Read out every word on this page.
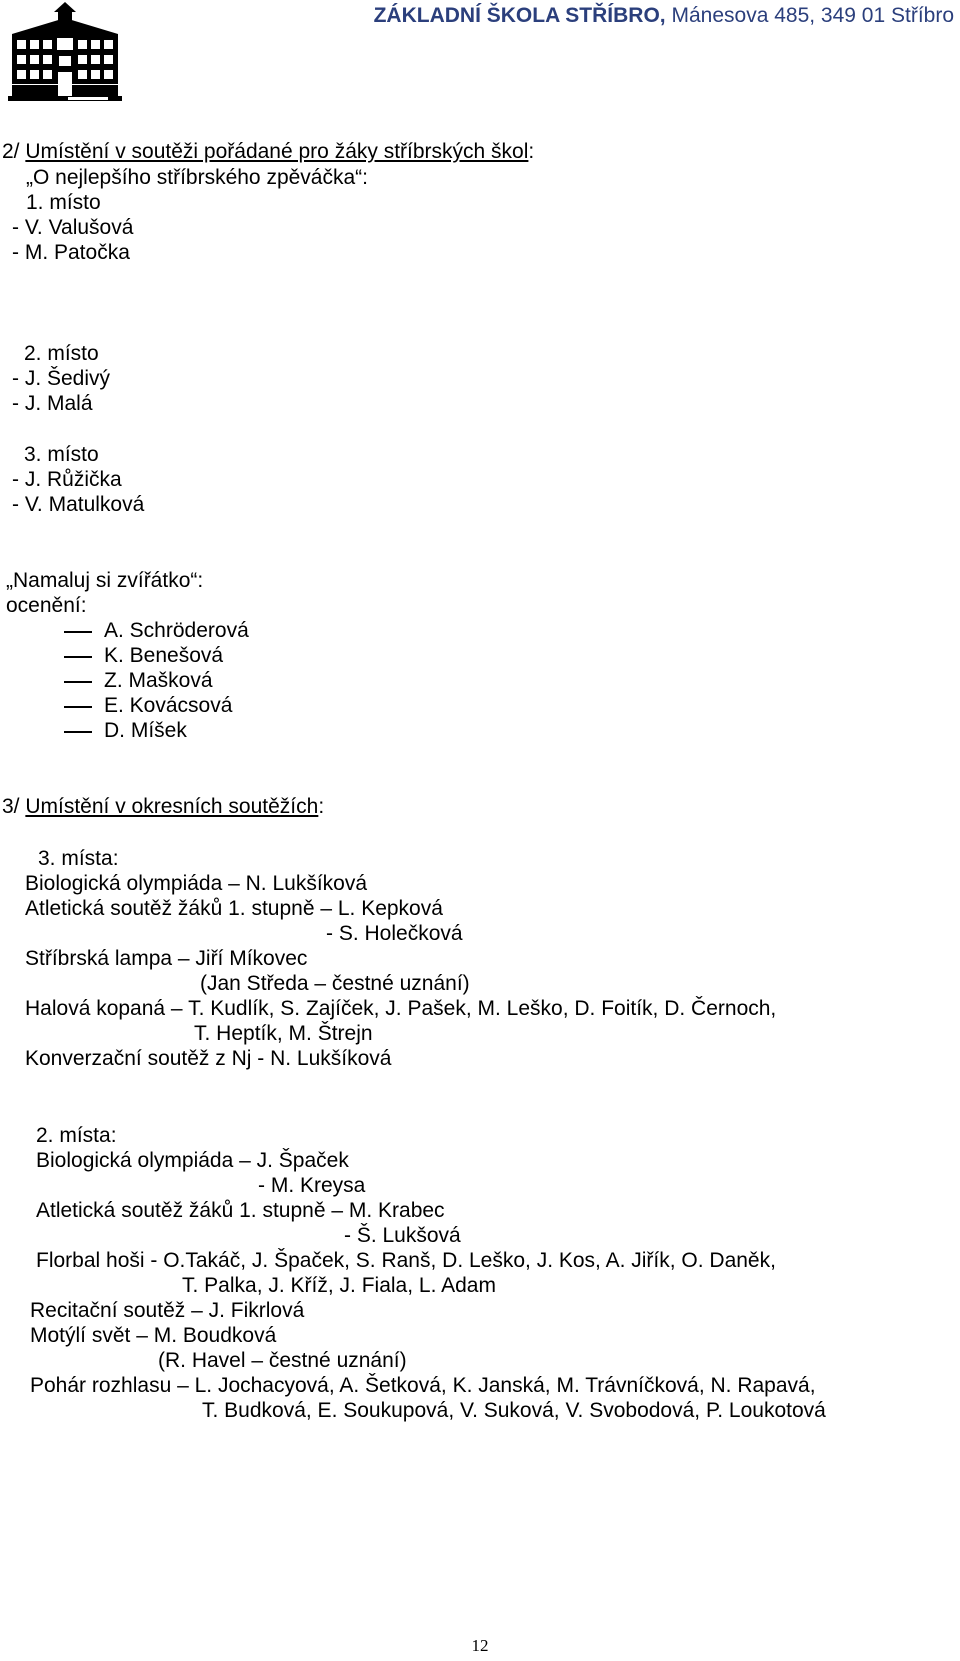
ZÁKLADNÍ ŠKOLA STŘÍBRO, Mánesova 485, 349 01 Stříbro
2/ Umístění v soutěži pořádané pro žáky stříbrských škol:
„O nejlepšího stříbrského zpěváčka“:
1. místo
- V. Valušová
- M. Patočka
2. místo
- J. Šedivý
- J. Malá
3. místo
- J. Růžička
- V. Matulková
„Namaluj si zvířátko“:
ocenění:
A. Schröderová
K. Benešová
Z. Mašková
E. Kovácsová
D. Míšek
3/ Umístění v okresních soutěžích:
3. místa:
Biologická olympiáda – N. Lukšíková
Atletická soutěž žáků 1. stupně – L. Kepková
- S. Holečková
Stříbrská lampa – Jiří Míkovec
(Jan Středa – čestné uznání)
Halová kopaná – T. Kudlík, S. Zajíček, J. Pašek, M. Leško, D. Foitík, D. Černoch,
T. Heptík, M. Štrejn
Konverzační soutěž z Nj - N. Lukšíková
2. místa:
Biologická olympiáda – J. Špaček
- M. Kreysa
Atletická soutěž žáků 1. stupně – M. Krabec
- Š. Lukšová
Florbal hoši - O.Takáč, J. Špaček, S. Ranš, D. Leško, J. Kos, A. Jiřík, O. Daněk,
T. Palka, J. Kříž, J. Fiala, L. Adam
Recitační soutěž – J. Fikrlová
Motýlí svět – M. Boudková
(R. Havel – čestné uznání)
Pohár rozhlasu – L. Jochacyová, A. Šetková, K. Janská, M. Trávníčková, N. Rapavá,
T. Budková, E. Soukupová, V. Suková, V. Svobodová, P. Loukotová
12
